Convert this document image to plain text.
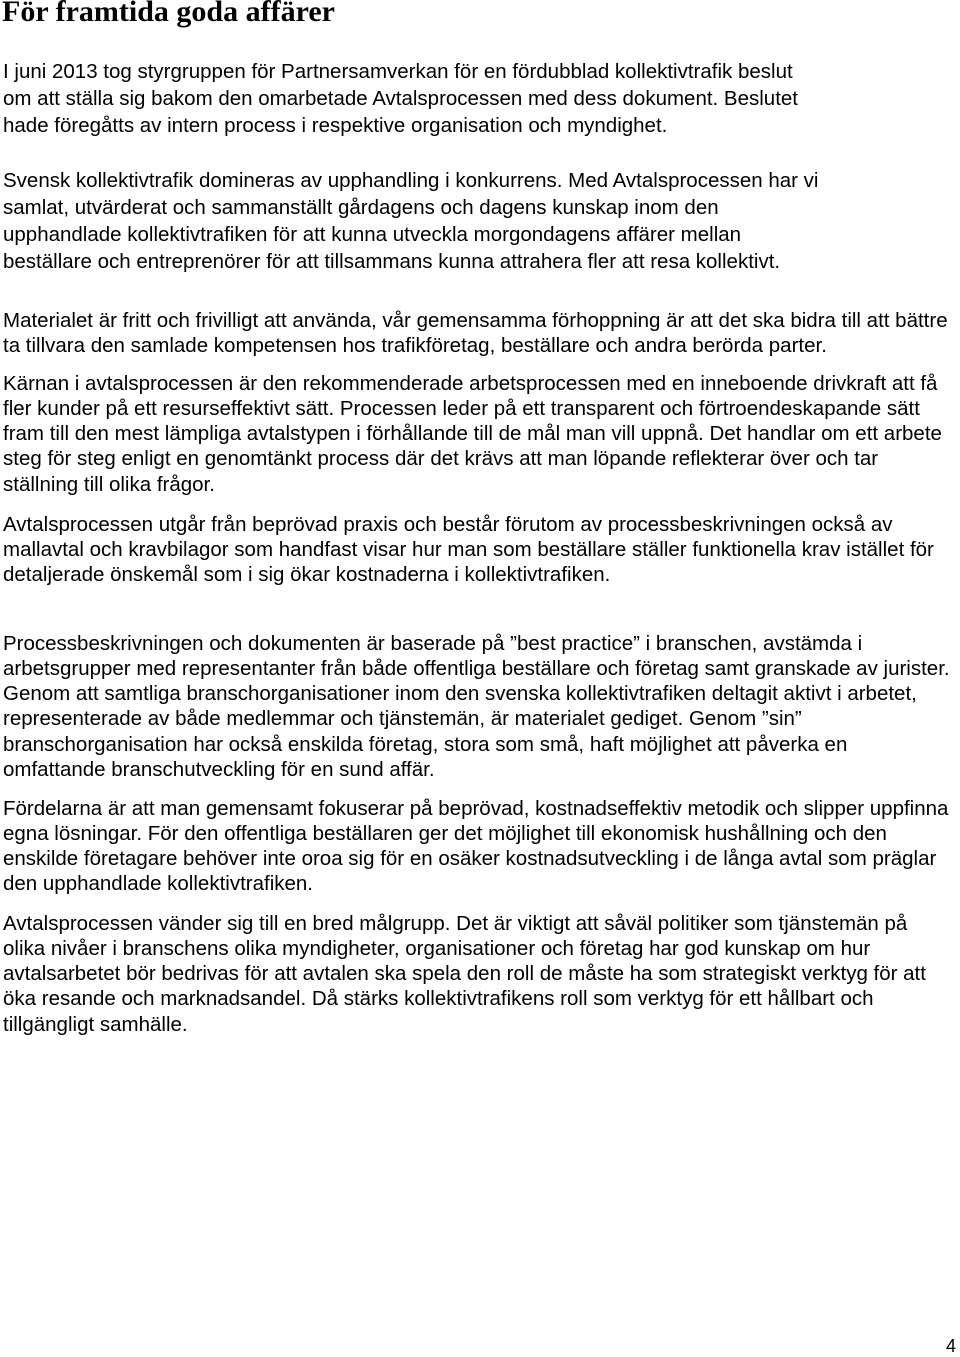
För framtida goda affärer

I juni 2013 tog styrgruppen för Partnersamverkan för en fördubblad kollektivtrafik beslut
om att ställa sig bakom den omarbetade Avtalsprocessen med dess dokument. Beslutet
hade föregåtts av intern process i respektive organisation och myndighet.

Svensk kollektivtrafik domineras av upphandling i konkurrens. Med Avtalsprocessen har vi
samlat, utvärderat och sammanställt gårdagens och dagens kunskap inom den
upphandlade kollektivtrafiken för att kunna utveckla morgondagens affärer mellan
beställare och entreprenörer för att tillsammans kunna attrahera fler att resa kollektivt.

Materialet är fritt och frivilligt att använda, vår gemensamma förhoppning är att det ska bidra till att bättre
ta tillvara den samlade kompetensen hos trafikföretag, beställare och andra berörda parter.

Kärnan i avtalsprocessen är den rekommenderade arbetsprocessen med en inneboende drivkraft att få
fler kunder på ett resurseffektivt sätt. Processen leder på ett transparent och förtroendeskapande sätt
fram till den mest lämpliga avtalstypen i förhållande till de mål man vill uppnå. Det handlar om ett arbete
steg för steg enligt en genomtänkt process där det krävs att man löpande reflekterar över och tar
ställning till olika frågor.

Avtalsprocessen utgår från beprövad praxis och består förutom av processbeskrivningen också av
mallavtal och kravbilagor som handfast visar hur man som beställare ställer funktionella krav istället för
detaljerade önskemål som i sig ökar kostnaderna i kollektivtrafiken.

Processbeskrivningen och dokumenten är baserade på ”best practice” i branschen, avstämda i
arbetsgrupper med representanter från både offentliga beställare och företag samt granskade av jurister.
Genom att samtliga branschorganisationer inom den svenska kollektivtrafiken deltagit aktivt i arbetet,
representerade av både medlemmar och tjänstemän, är materialet gediget. Genom ”sin”
branschorganisation har också enskilda företag, stora som små, haft möjlighet att påverka en
omfattande branschutveckling för en sund affär.

Fördelarna är att man gemensamt fokuserar på beprövad, kostnadseffektiv metodik och slipper uppfinna
egna lösningar. För den offentliga beställaren ger det möjlighet till ekonomisk hushållning och den
enskilde företagare behöver inte oroa sig för en osäker kostnadsutveckling i de långa avtal som präglar
den upphandlade kollektivtrafiken.

Avtalsprocessen vänder sig till en bred målgrupp. Det är viktigt att såväl politiker som tjänstemän på
olika nivåer i branschens olika myndigheter, organisationer och företag har god kunskap om hur
avtalsarbetet bör bedrivas för att avtalen ska spela den roll de måste ha som strategiskt verktyg för att
öka resande och marknadsandel. Då stärks kollektivtrafikens roll som verktyg för ett hållbart och
tillgängligt samhälle.

4
